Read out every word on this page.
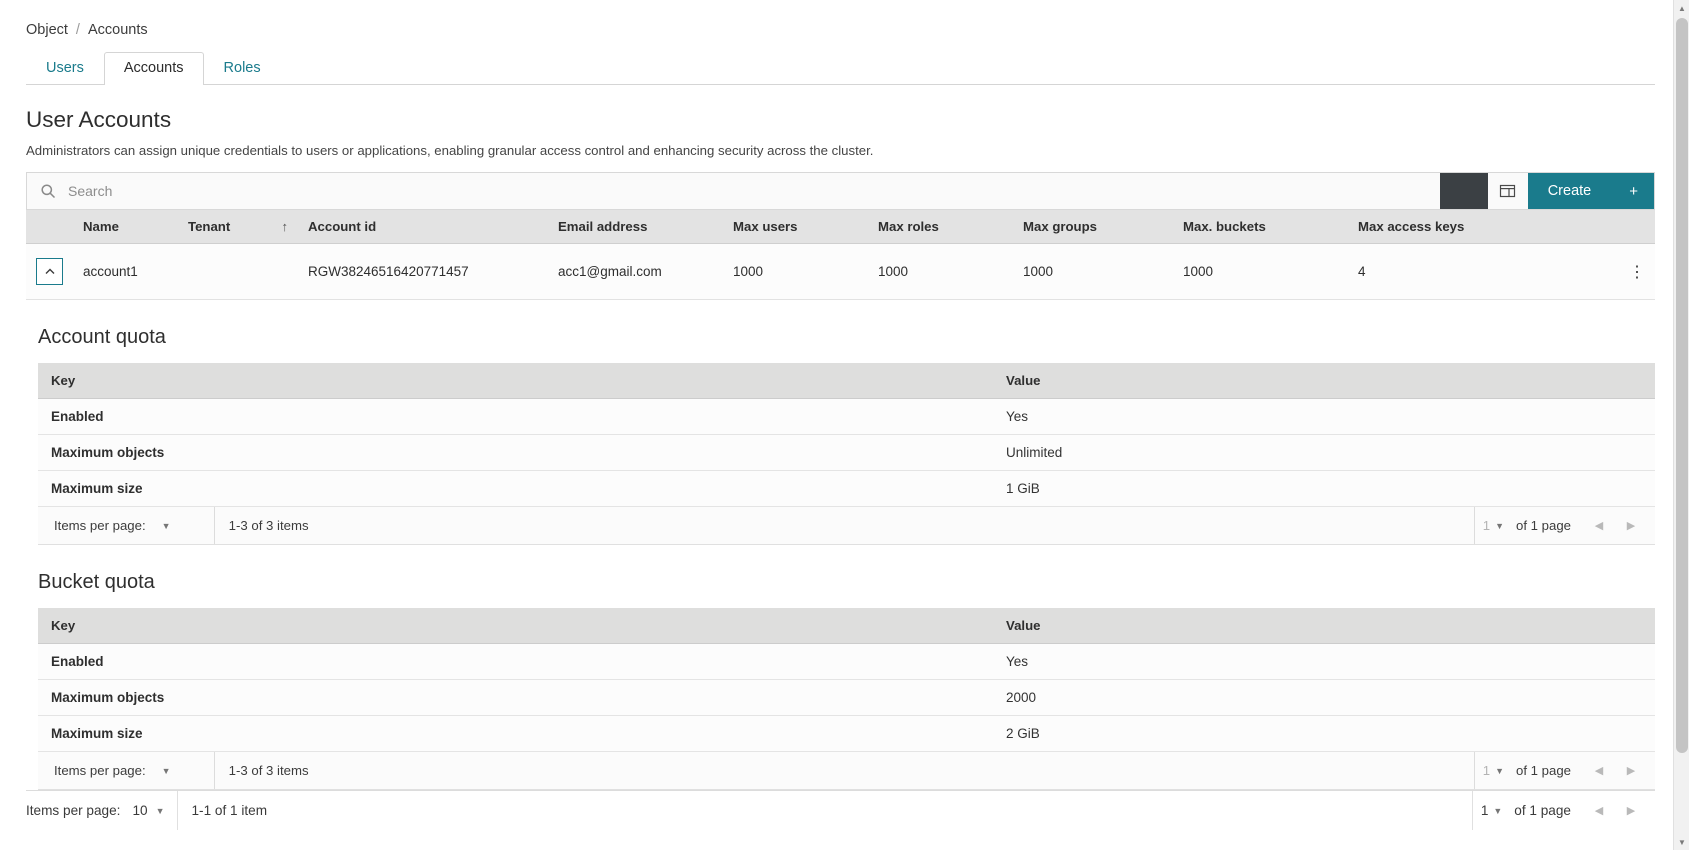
Object / Accounts
Users	Accounts	Roles
User Accounts
Administrators can assign unique credentials to users or applications, enabling granular access control and enhancing security across the cluster.
Search
Create	+
	Name	Tenant ↑	Account id	Email address	Max users	Max roles	Max groups	Max. buckets	Max access keys	

	account1		RGW38246516420771457	acc1@gmail.com	1000	1000	1000	1000	4	⋮
Account quota
Key	Value
Enabled	Yes
Maximum objects	Unlimited
Maximum size	1 GiB
Items per page:	▼	1-3 of 3 items	1 ▼ of 1 page	◀	▶
Bucket quota
Key	Value
Enabled	Yes
Maximum objects	2000
Maximum size	2 GiB
Items per page:	▼	1-3 of 3 items	1 ▼ of 1 page	◀	▶
Items per page: 10 ▼	1-1 of 1 item	1 ▼ of 1 page	◀	▶
▲
▼
